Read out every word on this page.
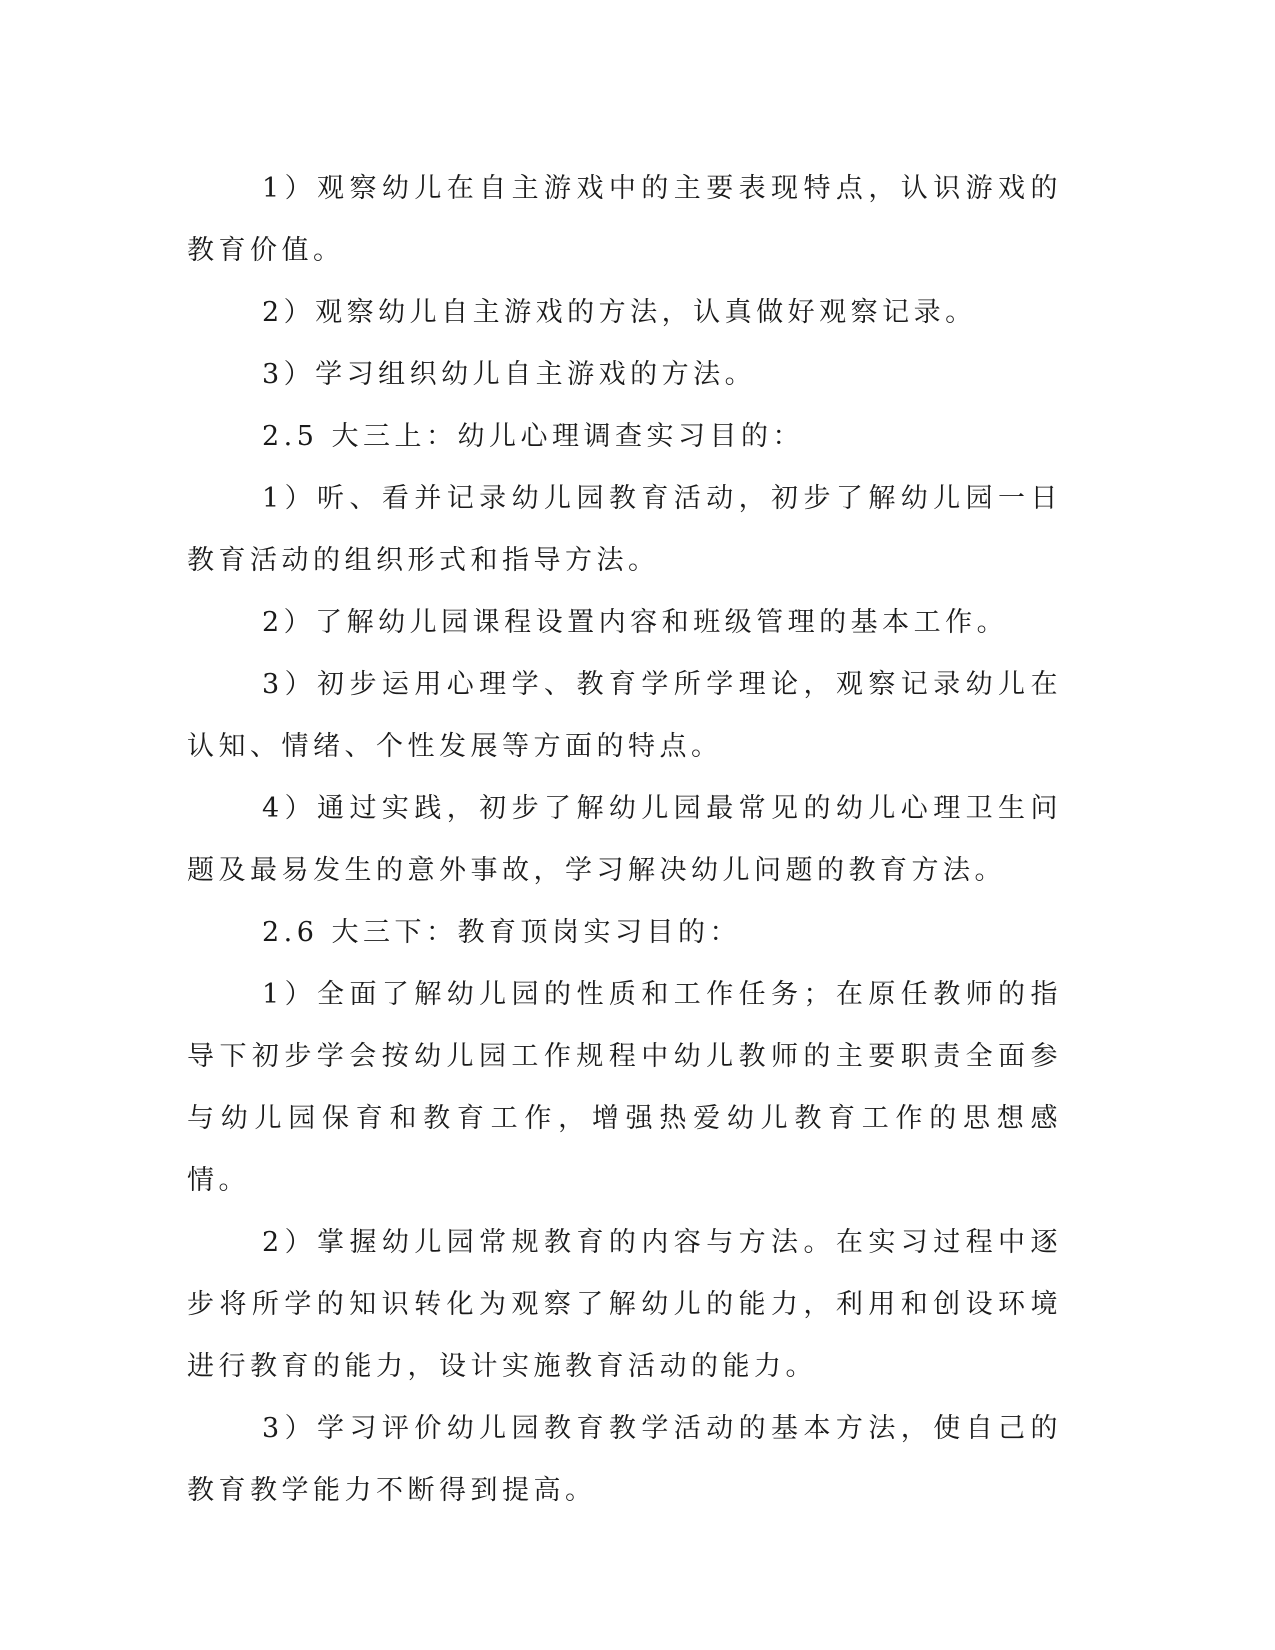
1）观察幼儿在自主游戏中的主要表现特点，认识游戏的教育价值。

2）观察幼儿自主游戏的方法，认真做好观察记录。

3）学习组织幼儿自主游戏的方法。

2.5 大三上：幼儿心理调查实习目的：

1）听、看并记录幼儿园教育活动，初步了解幼儿园一日教育活动的组织形式和指导方法。

2）了解幼儿园课程设置内容和班级管理的基本工作。

3）初步运用心理学、教育学所学理论，观察记录幼儿在认知、情绪、个性发展等方面的特点。

4）通过实践，初步了解幼儿园最常见的幼儿心理卫生问题及最易发生的意外事故，学习解决幼儿问题的教育方法。

2.6 大三下：教育顶岗实习目的：

1）全面了解幼儿园的性质和工作任务；在原任教师的指导下初步学会按幼儿园工作规程中幼儿教师的主要职责全面参与幼儿园保育和教育工作，增强热爱幼儿教育工作的思想感情。

2）掌握幼儿园常规教育的内容与方法。在实习过程中逐步将所学的知识转化为观察了解幼儿的能力，利用和创设环境进行教育的能力，设计实施教育活动的能力。

3）学习评价幼儿园教育教学活动的基本方法，使自己的教育教学能力不断得到提高。
